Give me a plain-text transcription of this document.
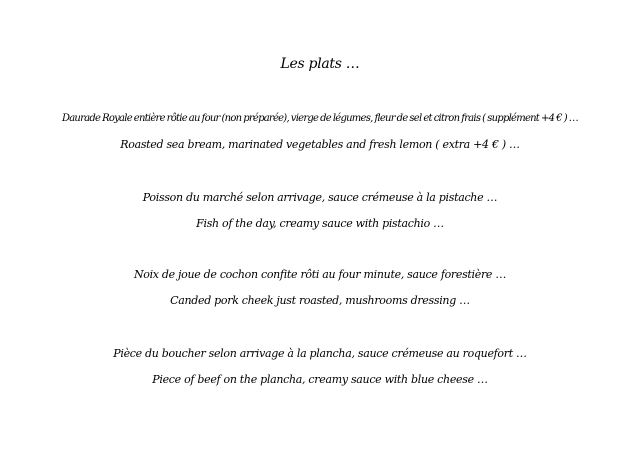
Les plats …
Daurade Royale entière rôtie au four (non préparée), vierge de légumes, fleur de sel et citron frais ( supplément +4 € ) …
Roasted sea bream, marinated vegetables and fresh lemon ( extra +4 € ) …
Poisson du marché selon arrivage, sauce crémeuse à la pistache …
Fish of the day, creamy sauce with pistachio …
Noix de joue de cochon confite rôti au four minute, sauce forestière …
Canded pork cheek just roasted, mushrooms dressing …
Pièce du boucher selon arrivage à la plancha, sauce crémeuse au roquefort …
Piece of beef on the plancha, creamy sauce with blue cheese …
